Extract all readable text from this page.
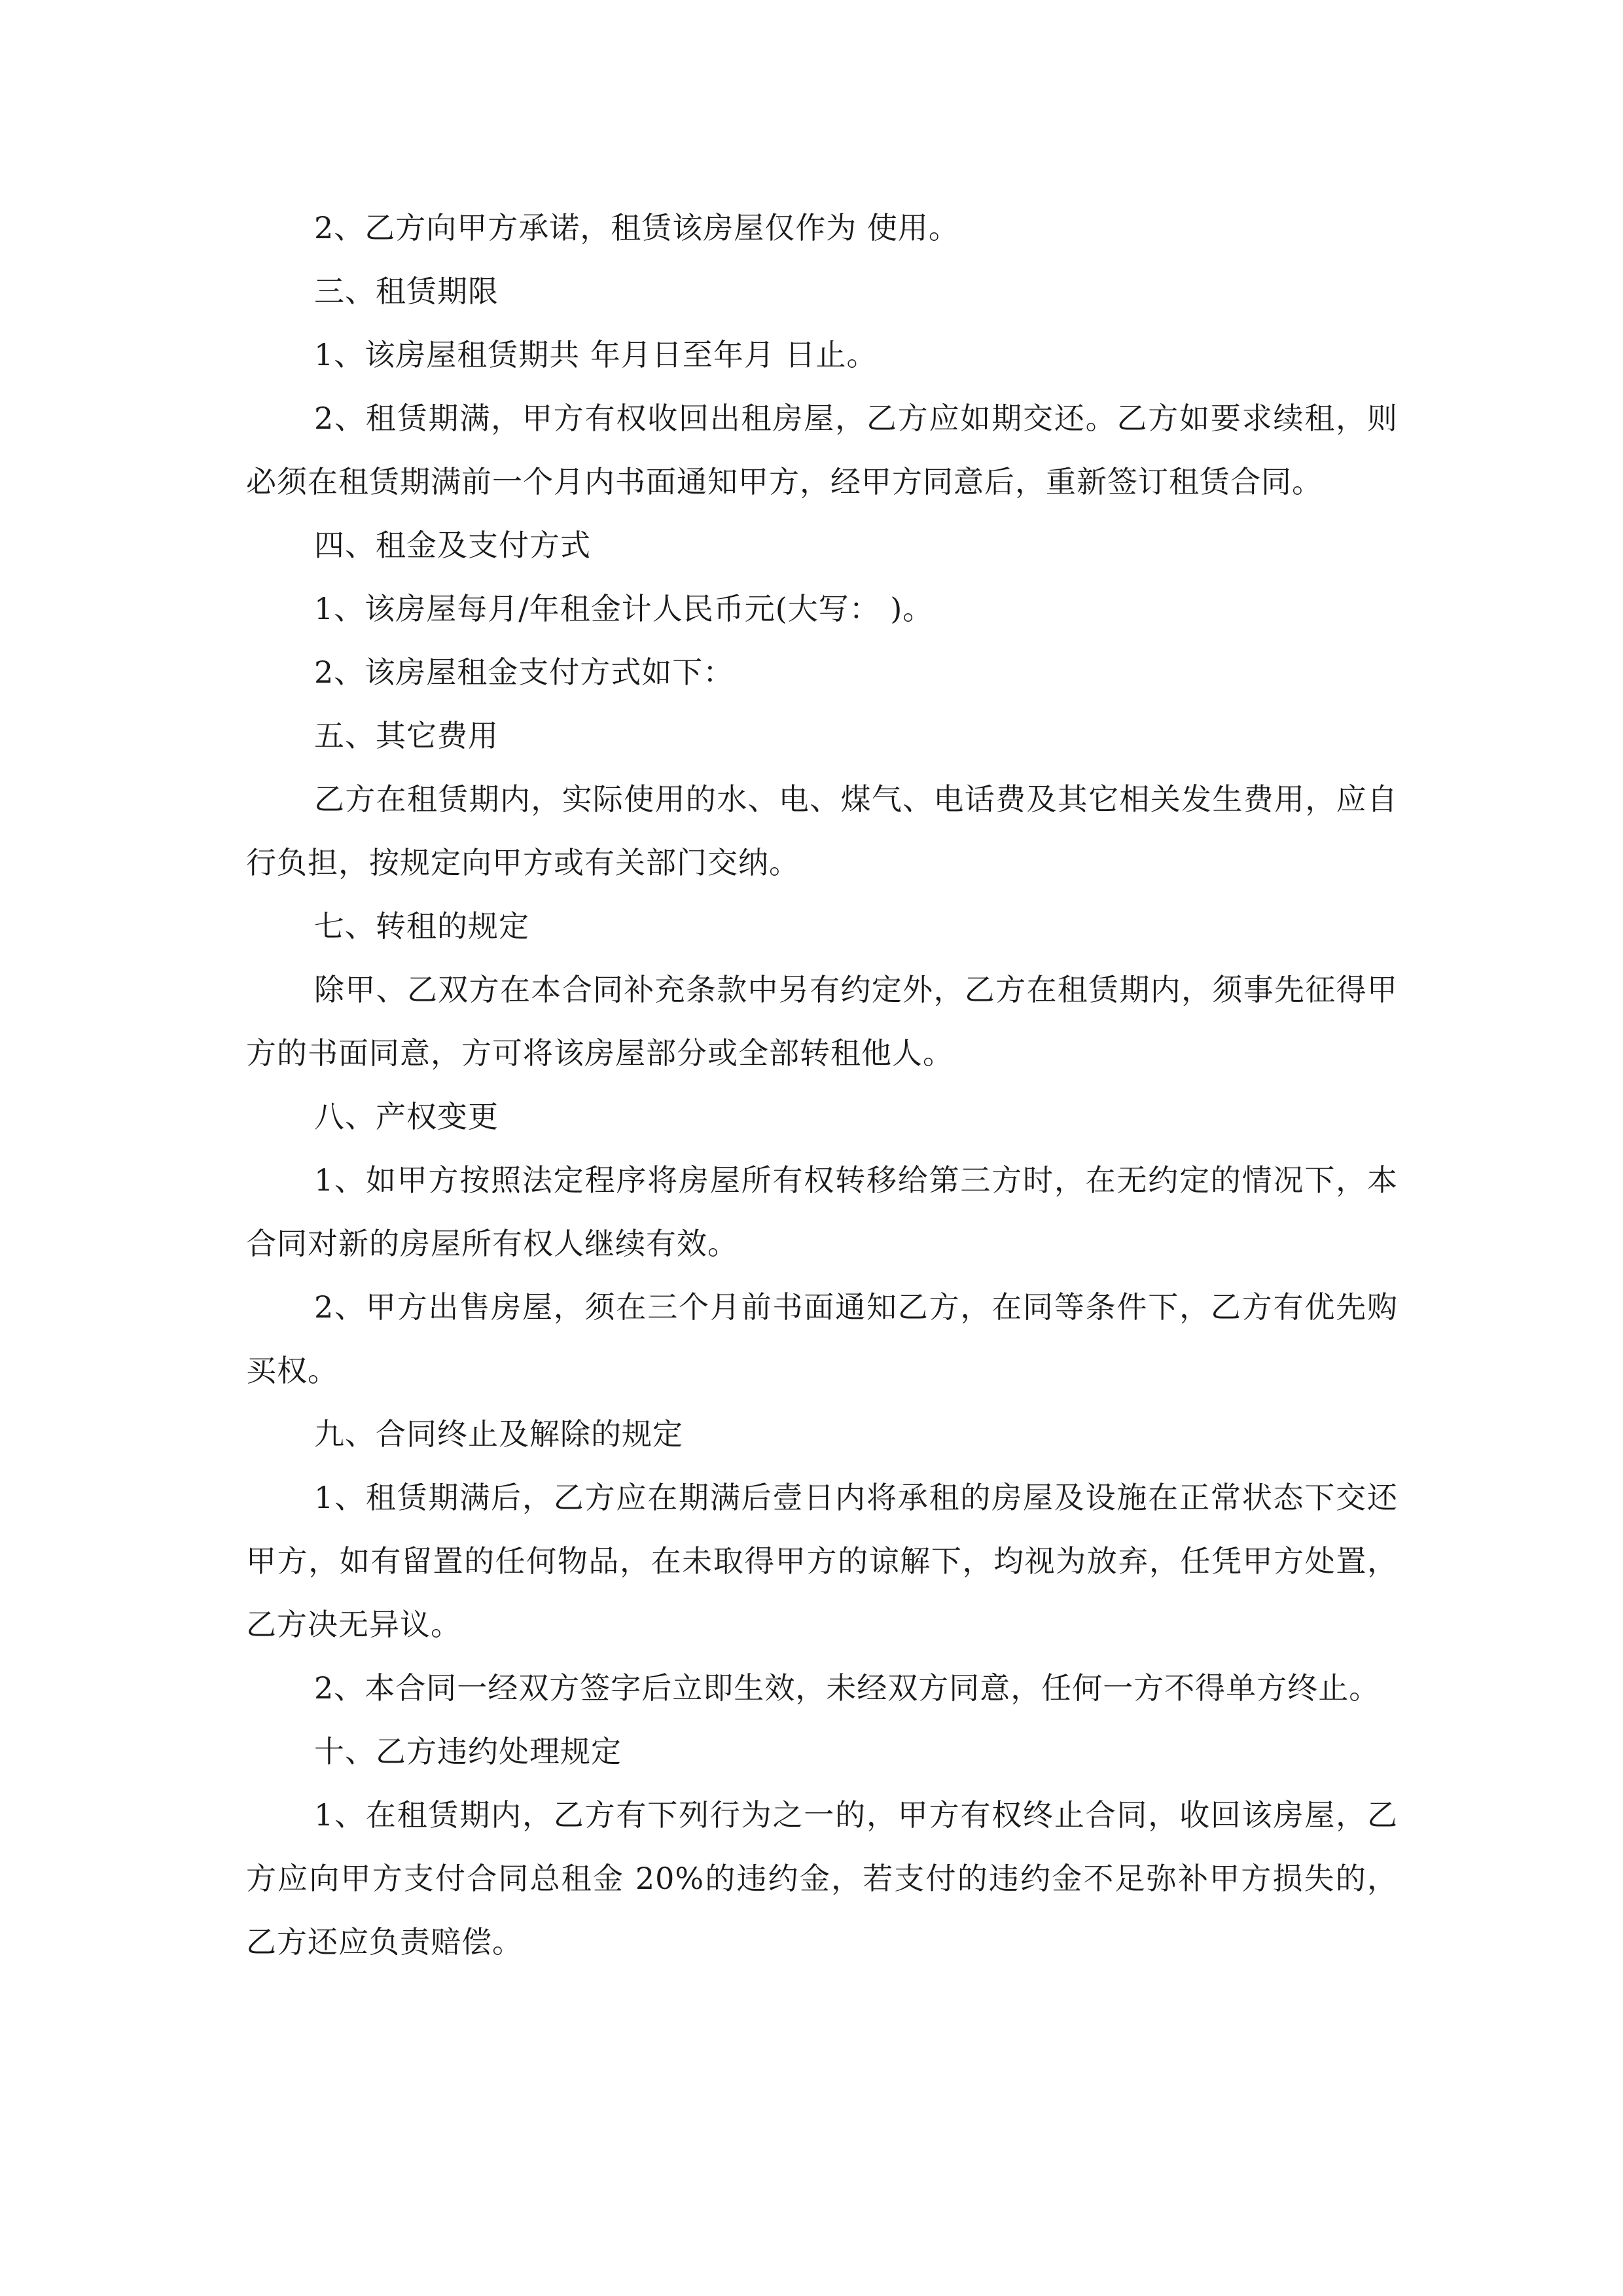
2、乙方向甲方承诺，租赁该房屋仅作为 使用。

三、租赁期限

1、该房屋租赁期共 年月日至年月 日止。

2、租赁期满，甲方有权收回出租房屋，乙方应如期交还。乙方如要求续租，则必须在租赁期满前一个月内书面通知甲方，经甲方同意后，重新签订租赁合同。

四、租金及支付方式

1、该房屋每月/年租金计人民币元(大写： )。

2、该房屋租金支付方式如下：

五、其它费用

乙方在租赁期内，实际使用的水、电、煤气、电话费及其它相关发生费用，应自行负担，按规定向甲方或有关部门交纳。

七、转租的规定

除甲、乙双方在本合同补充条款中另有约定外，乙方在租赁期内，须事先征得甲方的书面同意，方可将该房屋部分或全部转租他人。

八、产权变更

1、如甲方按照法定程序将房屋所有权转移给第三方时，在无约定的情况下，本合同对新的房屋所有权人继续有效。

2、甲方出售房屋，须在三个月前书面通知乙方，在同等条件下，乙方有优先购买权。

九、合同终止及解除的规定

1、租赁期满后，乙方应在期满后壹日内将承租的房屋及设施在正常状态下交还甲方，如有留置的任何物品，在未取得甲方的谅解下，均视为放弃，任凭甲方处置，乙方决无异议。

2、本合同一经双方签字后立即生效，未经双方同意，任何一方不得单方终止。

十、乙方违约处理规定

1、在租赁期内，乙方有下列行为之一的，甲方有权终止合同，收回该房屋，乙方应向甲方支付合同总租金 20%的违约金，若支付的违约金不足弥补甲方损失的，乙方还应负责赔偿。
